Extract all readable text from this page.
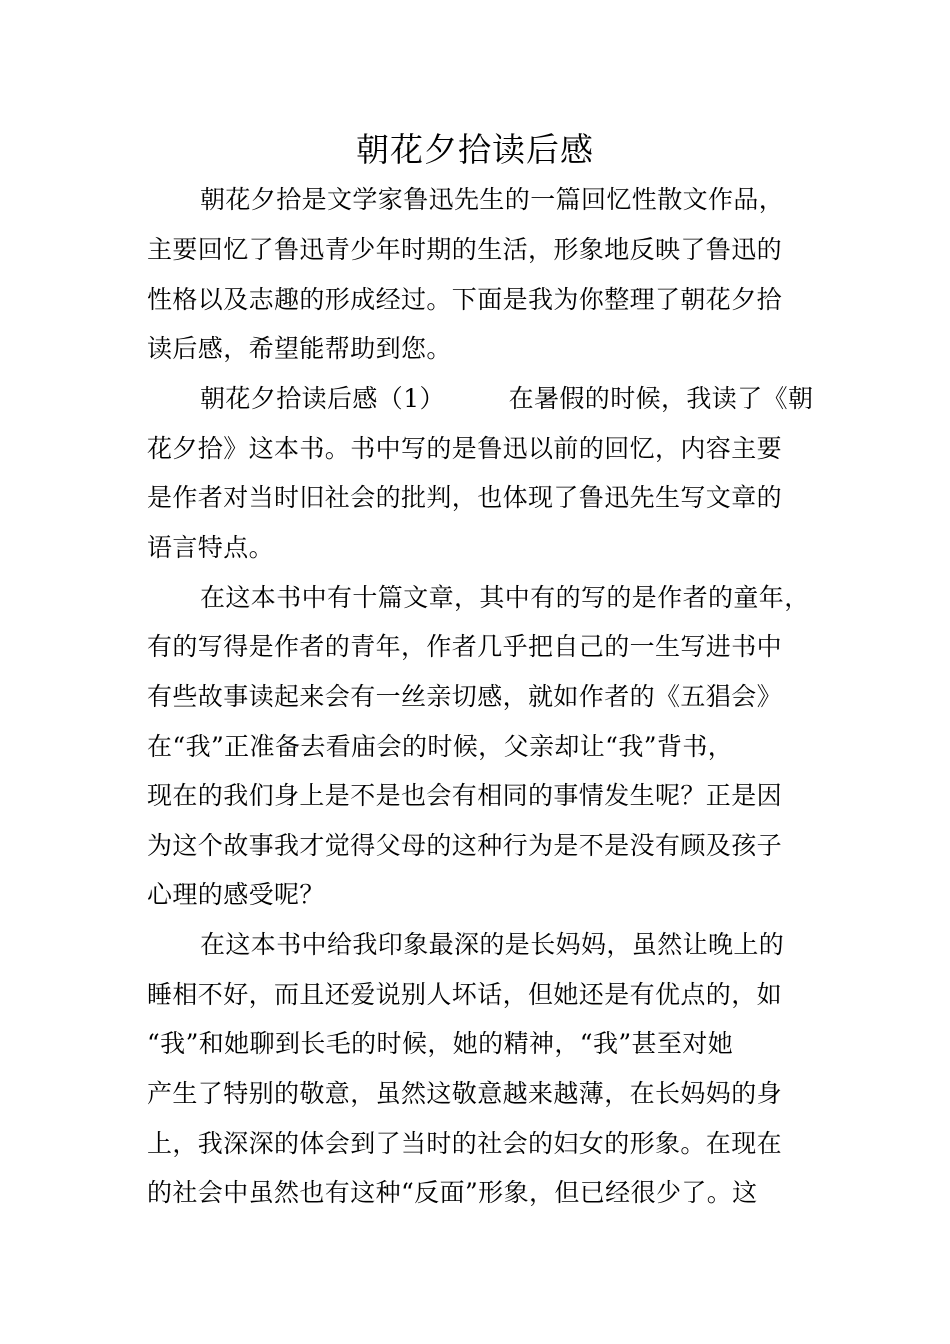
朝花夕拾读后感
朝花夕拾是文学家鲁迅先生的一篇回忆性散文作品，
主要回忆了鲁迅青少年时期的生活，形象地反映了鲁迅的
性格以及志趣的形成经过。下面是我为你整理了朝花夕拾
读后感，希望能帮助到您。
朝花夕拾读后感（1）　　　在暑假的时候，我读了《朝
花夕拾》这本书。书中写的是鲁迅以前的回忆，内容主要
是作者对当时旧社会的批判，也体现了鲁迅先生写文章的
语言特点。
在这本书中有十篇文章，其中有的写的是作者的童年，
有的写得是作者的青年，作者几乎把自己的一生写进书中
有些故事读起来会有一丝亲切感，就如作者的《五猖会》
在“我”正准备去看庙会的时候，父亲却让“我”背书，
现在的我们身上是不是也会有相同的事情发生呢？正是因
为这个故事我才觉得父母的这种行为是不是没有顾及孩子
心理的感受呢？
在这本书中给我印象最深的是长妈妈，虽然让晚上的
睡相不好，而且还爱说别人坏话，但她还是有优点的，如
“我”和她聊到长毛的时候，她的精神，“我”甚至对她
产生了特别的敬意，虽然这敬意越来越薄，在长妈妈的身
上，我深深的体会到了当时的社会的妇女的形象。在现在
的社会中虽然也有这种“反面”形象，但已经很少了。这
